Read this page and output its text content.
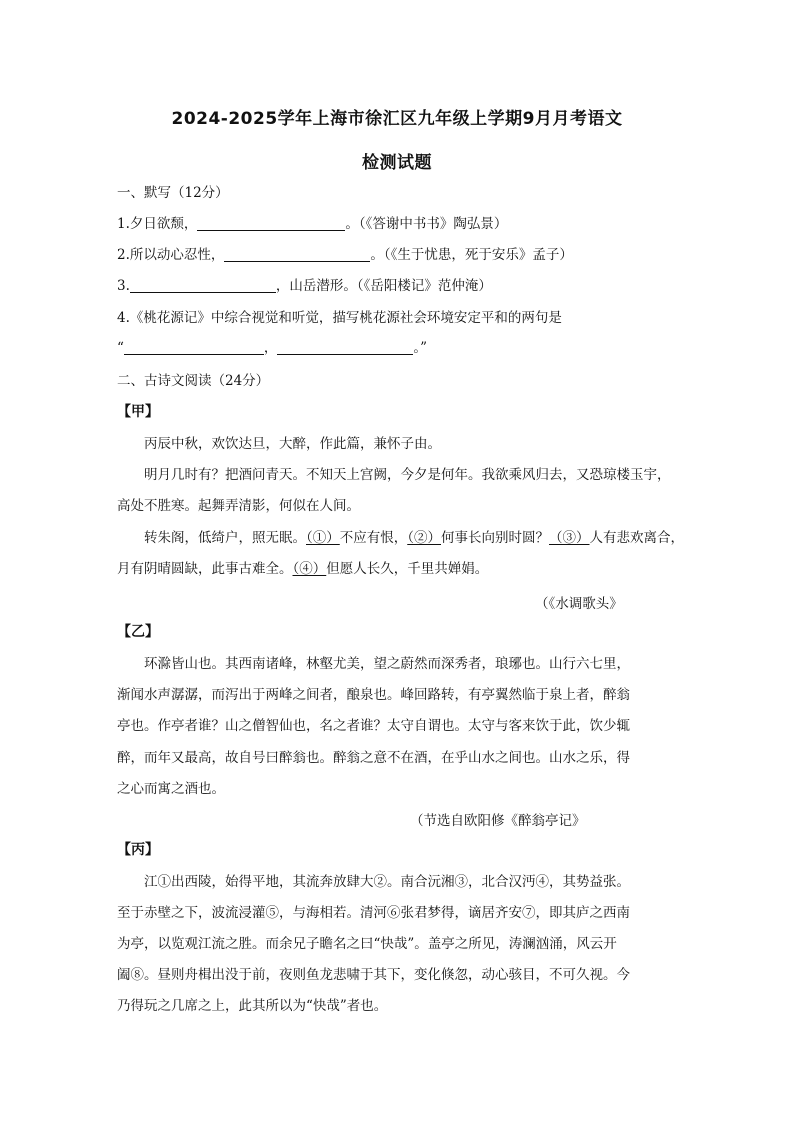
2024-2025学年上海市徐汇区九年级上学期9月月考语文
检测试题
一、默写（12分）
1.夕日欲颓，	。（《答谢中书书》陶弘景）
2.所以动心忍性，	。（《生于忧患，死于安乐》孟子）
3.	，山岳潜形。（《岳阳楼记》范仲淹）
4.《桃花源记》中综合视觉和听觉，描写桃花源社会环境安定平和的两句是
“	，	。”
二、古诗文阅读（24分）
【甲】
丙辰中秋，欢饮达旦，大醉，作此篇，兼怀子由。
明月几时有？把酒问青天。不知天上宫阙，今夕是何年。我欲乘风归去，又恐琼楼玉宇，
高处不胜寒。起舞弄清影，何似在人间。
转朱阁，低绮户，照无眠。（①）不应有恨，（②）何事长向别时圆？（③）人有悲欢离合，
月有阴晴圆缺，此事古难全。（④）但愿人长久，千里共婵娟。
（《水调歌头》
【乙】
环滁皆山也。其西南诸峰，林壑尤美，望之蔚然而深秀者，琅琊也。山行六七里，
渐闻水声潺潺，而泻出于两峰之间者，酿泉也。峰回路转，有亭翼然临于泉上者，醉翁
亭也。作亭者谁？山之僧智仙也，名之者谁？太守自谓也。太守与客来饮于此，饮少辄
醉，而年又最高，故自号曰醉翁也。醉翁之意不在酒，在乎山水之间也。山水之乐，得
之心而寓之酒也。
（节选自欧阳修《醉翁亭记》
【丙】
江①出西陵，始得平地，其流奔放肆大②。南合沅湘③，北合汉沔④，其势益张。
至于赤壁之下，波流浸灌⑤，与海相若。清河⑥张君梦得，谪居齐安⑦，即其庐之西南
为亭，以览观江流之胜。而余兄子瞻名之曰“快哉”。盖亭之所见，涛澜汹涌，风云开
阖⑧。昼则舟楫出没于前，夜则鱼龙悲啸于其下，变化倏忽，动心骇目，不可久视。今
乃得玩之几席之上，此其所以为“快哉”者也。
